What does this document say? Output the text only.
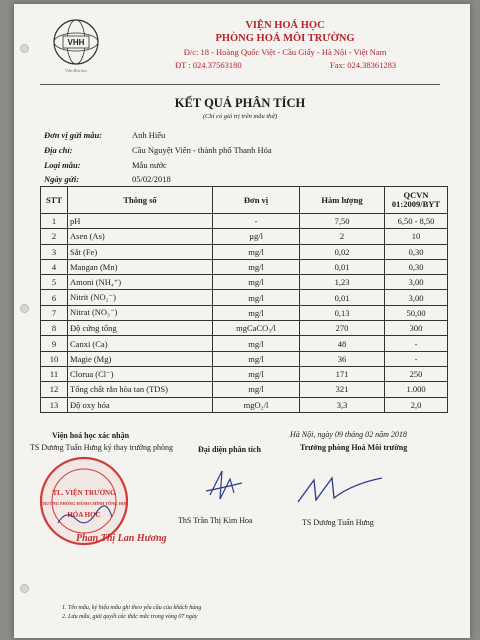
VHH
Viện Hóa học
VIỆN HOÁ HỌC
PHÒNG HOÁ MÔI TRƯỜNG
Đ/c: 18 - Hoàng Quốc Việt - Cầu Giấy - Hà Nội - Việt Nam
ĐT : 024.37563180	Fax: 024.38361283
KẾT QUẢ PHÂN TÍCH
(Chỉ có giá trị trên mẫu thử)
Đơn vị gửi mẫu:	Anh Hiếu
Địa chỉ:	Cầu Nguyệt Viên - thành phố Thanh Hóa
Loại mẫu:	Mẫu nước
Ngày gửi:	05/02/2018
STT	Thông số	Đơn vị	Hàm lượng	QCVN
01:2009/BYT
1	pH	-	7,50	6,50 - 8,50
2	Asen (As)	µg/l	2	10
3	Sắt (Fe)	mg/l	0,02	0,30
4	Mangan (Mn)	mg/l	0,01	0,30
5	Amoni (NH₄⁺)	mg/l	1,23	3,00
6	Nitrit (NO₂⁻)	mg/l	0,01	3,00
7	Nitrat (NO₃⁻)	mg/l	0,13	50,00
8	Độ cứng tổng	mgCaCO₃/l	270	300
9	Canxi (Ca)	mg/l	48	-
10	Magie (Mg)	mg/l	36	-
11	Clorua (Cl⁻)	mg/l	171	250
12	Tổng chất rắn hòa tan (TDS)	mg/l	321	1.000
13	Độ oxy hóa	mgO₂/l	3,3	2,0
Viện hoá học xác nhận
TS Dương Tuấn Hưng ký thay trưởng phòng	Đại diện phân tích
Hà Nội, ngày 09 tháng 02 năm 2018
Trưởng phòng Hoá Môi trường
TL. VIỆN TRƯỞNG
TRƯỞNG PHÒNG HÀNH CHÍNH TỔNG HỢP
HÓA HỌC
Phan Thị Lan Hương
ThS Trần Thị Kim Hoa	TS Dương Tuấn Hưng
1. Tên mẫu, ký hiệu mẫu ghi theo yêu cầu của khách hàng
2. Lưu mẫu, giải quyết các thắc mắc trong vòng 07 ngày
